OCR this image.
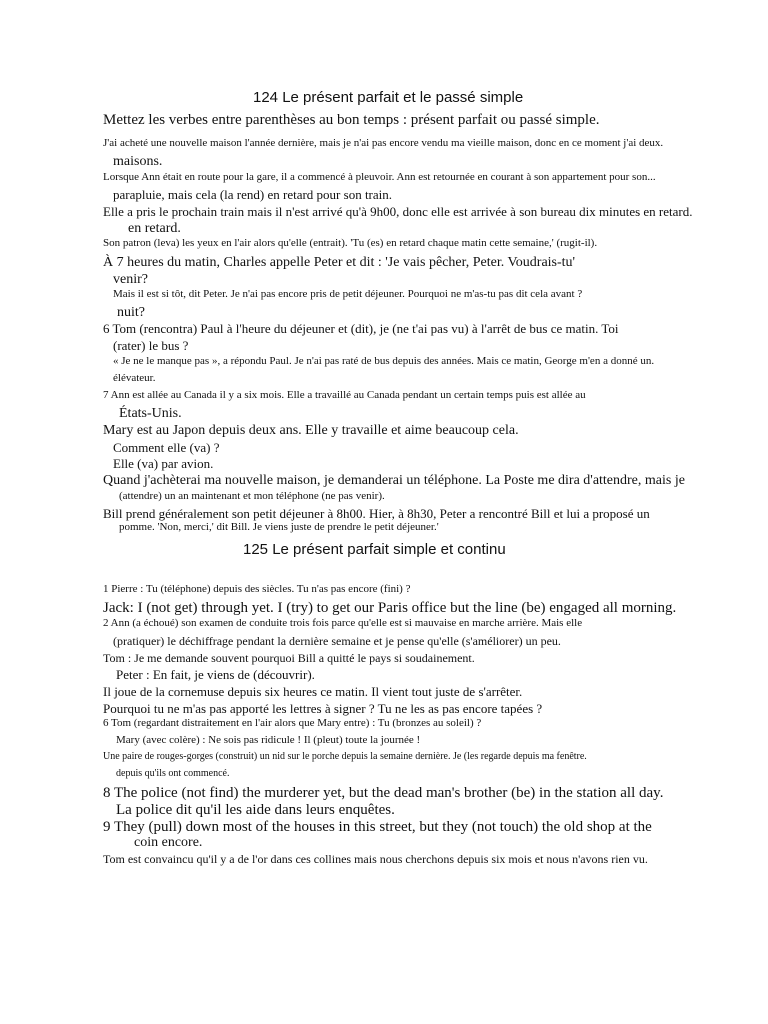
124 Le présent parfait et le passé simple
Mettez les verbes entre parenthèses au bon temps : présent parfait ou passé simple.
J'ai acheté une nouvelle maison l'année dernière, mais je n'ai pas encore vendu ma vieille maison, donc en ce moment j'ai deux.
maisons.
Lorsque Ann était en route pour la gare, il a commencé à pleuvoir. Ann est retournée en courant à son appartement pour son...
parapluie, mais cela (la rend) en retard pour son train.
Elle a pris le prochain train mais il n'est arrivé qu'à 9h00, donc elle est arrivée à son bureau dix minutes en retard.
en retard.
Son patron (leva) les yeux en l'air alors qu'elle (entrait). 'Tu (es) en retard chaque matin cette semaine,' (rugit-il).
À 7 heures du matin, Charles appelle Peter et dit : 'Je vais pêcher, Peter. Voudrais-tu'
venir?
Mais il est si tôt, dit Peter. Je n'ai pas encore pris de petit déjeuner. Pourquoi ne m'as-tu pas dit cela avant ?
nuit?
6 Tom (rencontra) Paul à l'heure du déjeuner et (dit), je (ne t'ai pas vu) à l'arrêt de bus ce matin. Toi
(rater) le bus ?
« Je ne le manque pas », a répondu Paul. Je n'ai pas raté de bus depuis des années. Mais ce matin, George m'en a donné un.
élévateur.
7 Ann est allée au Canada il y a six mois. Elle a travaillé au Canada pendant un certain temps puis est allée au
États-Unis.
Mary est au Japon depuis deux ans. Elle y travaille et aime beaucoup cela.
Comment elle (va) ?
Elle (va) par avion.
Quand j'achèterai ma nouvelle maison, je demanderai un téléphone. La Poste me dira d'attendre, mais je
(attendre) un an maintenant et mon téléphone (ne pas venir).
Bill prend généralement son petit déjeuner à 8h00. Hier, à 8h30, Peter a rencontré Bill et lui a proposé un
pomme. 'Non, merci,' dit Bill. Je viens juste de prendre le petit déjeuner.'
125 Le présent parfait simple et continu
1 Pierre : Tu (téléphone) depuis des siècles. Tu n'as pas encore (fini) ?
Jack: I (not get) through yet. I (try) to get our Paris office but the line (be) engaged all morning.
2 Ann (a échoué) son examen de conduite trois fois parce qu'elle est si mauvaise en marche arrière. Mais elle
(pratiquer) le déchiffrage pendant la dernière semaine et je pense qu'elle (s'améliorer) un peu.
Tom : Je me demande souvent pourquoi Bill a quitté le pays si soudainement.
Peter : En fait, je viens de (découvrir).
Il joue de la cornemuse depuis six heures ce matin. Il vient tout juste de s'arrêter.
Pourquoi tu ne m'as pas apporté les lettres à signer ? Tu ne les as pas encore tapées ?
6 Tom (regardant distraitement en l'air alors que Mary entre) : Tu (bronzes au soleil) ?
Mary (avec colère) : Ne sois pas ridicule ! Il (pleut) toute la journée !
Une paire de rouges-gorges (construit) un nid sur le porche depuis la semaine dernière. Je (les regarde depuis ma fenêtre.
depuis qu'ils ont commencé.
8 The police (not find) the murderer yet, but the dead man's brother (be) in the station all day.
La police dit qu'il les aide dans leurs enquêtes.
9 They (pull) down most of the houses in this street, but they (not touch) the old shop at the
coin encore.
Tom est convaincu qu'il y a de l'or dans ces collines mais nous cherchons depuis six mois et nous n'avons rien vu.
